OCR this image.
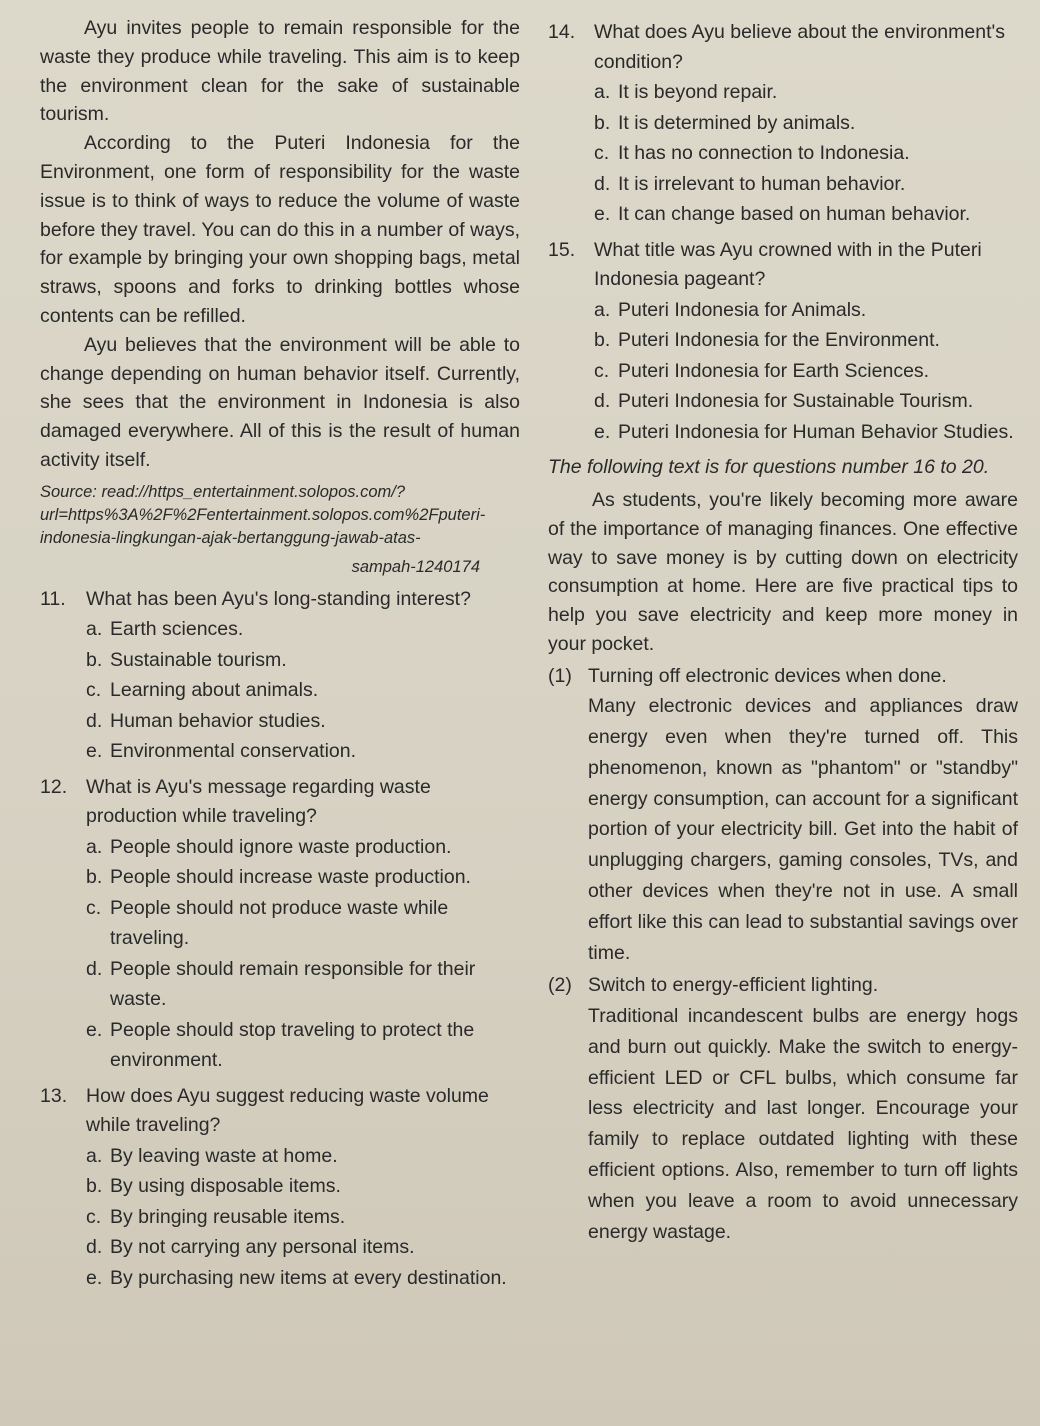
Ayu invites people to remain responsible for the waste they produce while traveling. This aim is to keep the environment clean for the sake of sustainable tourism.

According to the Puteri Indonesia for the Environment, one form of responsibility for the waste issue is to think of ways to reduce the volume of waste before they travel. You can do this in a number of ways, for example by bringing your own shopping bags, metal straws, spoons and forks to drinking bottles whose contents can be refilled.

Ayu believes that the environment will be able to change depending on human behavior itself. Currently, she sees that the environment in Indonesia is also damaged everywhere. All of this is the result of human activity itself.

Source: read://https_entertainment.solopos.com/?url=https%3A%2F%2Fentertainment.solopos.com%2Fputeri-indonesia-lingkungan-ajak-bertanggung-jawab-atas-

sampah-1240174

11.	What has been Ayu's long-standing interest?
a. Earth sciences.
b. Sustainable tourism.
c. Learning about animals.
d. Human behavior studies.
e. Environmental conservation.
12. What is Ayu's message regarding waste production while traveling?
a. People should ignore waste production.
b. People should increase waste production.
c. People should not produce waste while traveling.
d. People should remain responsible for their waste.
e. People should stop traveling to protect the environment.
13. How does Ayu suggest reducing waste volume while traveling?
a. By leaving waste at home.
b. By using disposable items.
c. By bringing reusable items.
d. By not carrying any personal items.
e. By purchasing new items at every destination.
14. What does Ayu believe about the environment's condition?
a. It is beyond repair.
b. It is determined by animals.
c. It has no connection to Indonesia.
d. It is irrelevant to human behavior.
e. It can change based on human behavior.
15. What title was Ayu crowned with in the Puteri Indonesia pageant?
a. Puteri Indonesia for Animals.
b. Puteri Indonesia for the Environment.
c. Puteri Indonesia for Earth Sciences.
d. Puteri Indonesia for Sustainable Tourism.
e. Puteri Indonesia for Human Behavior Studies.

The following text is for questions number 16 to 20.

As students, you're likely becoming more aware of the importance of managing finances. One effective way to save money is by cutting down on electricity consumption at home. Here are five practical tips to help you save electricity and keep more money in your pocket.

(1) Turning off electronic devices when done.

Many electronic devices and appliances draw energy even when they're turned off. This phenomenon, known as "phantom" or "standby" energy consumption, can account for a significant portion of your electricity bill. Get into the habit of unplugging chargers, gaming consoles, TVs, and other devices when they're not in use. A small effort like this can lead to substantial savings over time.

(2) Switch to energy-efficient lighting.

Traditional incandescent bulbs are energy hogs and burn out quickly. Make the switch to energy-efficient LED or CFL bulbs, which consume far less electricity and last longer. Encourage your family to replace outdated lighting with these efficient options. Also, remember to turn off lights when you leave a room to avoid unnecessary energy wastage.
